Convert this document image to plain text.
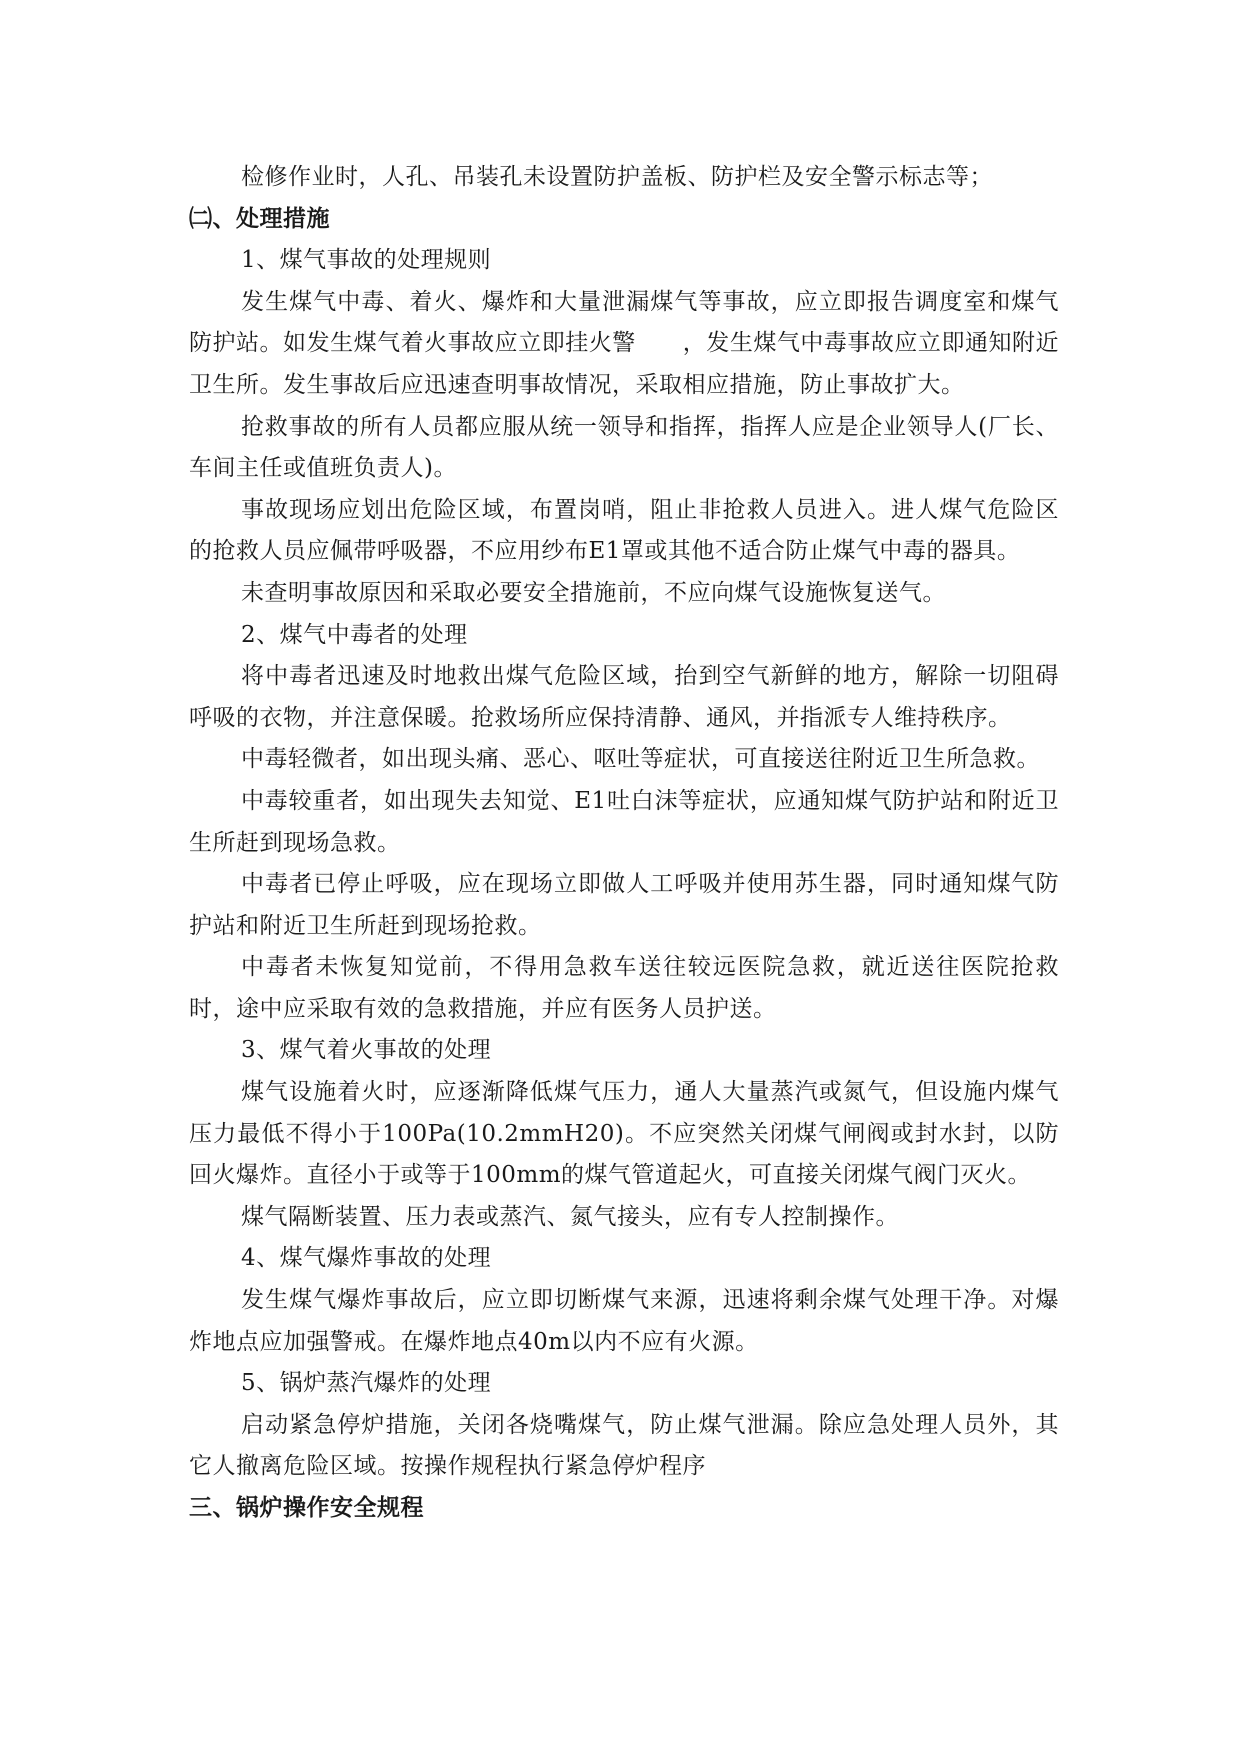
检修作业时，人孔、吊装孔未设置防护盖板、防护栏及安全警示标志等；

㈡、处理措施

1、煤气事故的处理规则

发生煤气中毒、着火、爆炸和大量泄漏煤气等事故，应立即报告调度室和煤气防护站。如发生煤气着火事故应立即挂火警　　，发生煤气中毒事故应立即通知附近卫生所。发生事故后应迅速查明事故情况，采取相应措施，防止事故扩大。

抢救事故的所有人员都应服从统一领导和指挥，指挥人应是企业领导人(厂长、车间主任或值班负责人)。

事故现场应划出危险区域，布置岗哨，阻止非抢救人员进入。进人煤气危险区的抢救人员应佩带呼吸器，不应用纱布E1罩或其他不适合防止煤气中毒的器具。

未查明事故原因和采取必要安全措施前，不应向煤气设施恢复送气。

2、煤气中毒者的处理

将中毒者迅速及时地救出煤气危险区域，抬到空气新鲜的地方，解除一切阻碍呼吸的衣物，并注意保暖。抢救场所应保持清静、通风，并指派专人维持秩序。

中毒轻微者，如出现头痛、恶心、呕吐等症状，可直接送往附近卫生所急救。

中毒较重者，如出现失去知觉、E1吐白沫等症状，应通知煤气防护站和附近卫生所赶到现场急救。

中毒者已停止呼吸，应在现场立即做人工呼吸并使用苏生器，同时通知煤气防护站和附近卫生所赶到现场抢救。

中毒者未恢复知觉前，不得用急救车送往较远医院急救，就近送往医院抢救时，途中应采取有效的急救措施，并应有医务人员护送。

3、煤气着火事故的处理

煤气设施着火时，应逐渐降低煤气压力，通人大量蒸汽或氮气，但设施内煤气压力最低不得小于100Pa(10.2mmH20)。不应突然关闭煤气闸阀或封水封，以防回火爆炸。直径小于或等于100mm的煤气管道起火，可直接关闭煤气阀门灭火。

煤气隔断装置、压力表或蒸汽、氮气接头，应有专人控制操作。

4、煤气爆炸事故的处理

发生煤气爆炸事故后，应立即切断煤气来源，迅速将剩余煤气处理干净。对爆炸地点应加强警戒。在爆炸地点40m以内不应有火源。

5、锅炉蒸汽爆炸的处理

启动紧急停炉措施，关闭各烧嘴煤气，防止煤气泄漏。除应急处理人员外，其它人撤离危险区域。按操作规程执行紧急停炉程序

三、锅炉操作安全规程
